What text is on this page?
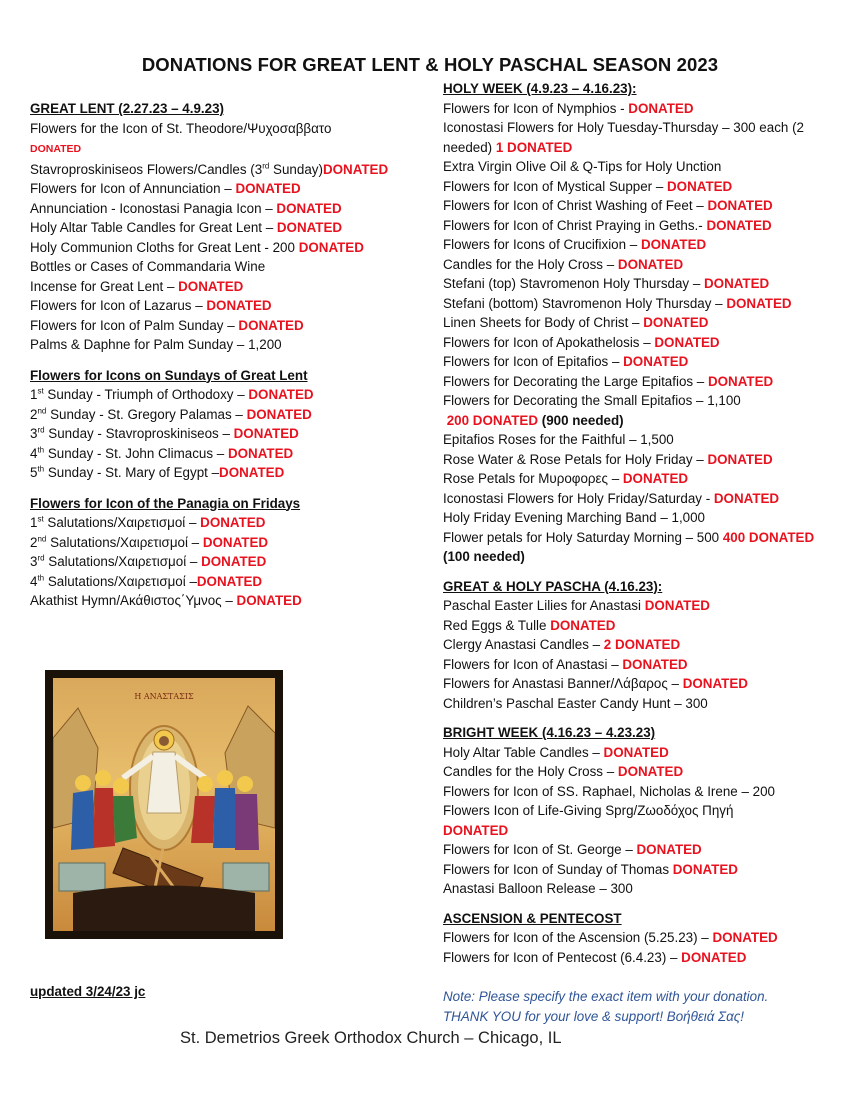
DONATIONS FOR GREAT LENT & HOLY PASCHAL SEASON 2023
GREAT LENT (2.27.23 – 4.9.23)
Flowers for the Icon of St. Theodore/Ψυχοσαββατο
DONATED
Stavroproskiniseos Flowers/Candles (3rd Sunday)DONATED
Flowers for Icon of Annunciation – DONATED
Annunciation - Iconostasi Panagia Icon – DONATED
Holy Altar Table Candles for Great Lent – DONATED
Holy Communion Cloths for Great Lent - 200 DONATED
Bottles or Cases of Commandaria Wine
Incense for Great Lent – DONATED
Flowers for Icon of Lazarus – DONATED
Flowers for Icon of Palm Sunday – DONATED
Palms & Daphne for Palm Sunday – 1,200
Flowers for Icons on Sundays of Great Lent
1st Sunday - Triumph of Orthodoxy – DONATED
2nd Sunday - St. Gregory Palamas – DONATED
3rd Sunday - Stavroproskiniseos – DONATED
4th Sunday - St. John Climacus – DONATED
5th Sunday - St. Mary of Egypt –DONATED
Flowers for Icon of the Panagia on Fridays
1st Salutations/Χαιρετισμοί – DONATED
2nd Salutations/Χαιρετισμοί – DONATED
3rd Salutations/Χαιρετισμοί – DONATED
4th Salutations/Χαιρετισμοί –DONATED
Akathist Hymn/Ακάθιστος΄Υμνος – DONATED
Η ΑΝΑΣΤΑΣΙΣ
HOLY WEEK (4.9.23 – 4.16.23):
Flowers for Icon of Nymphios - DONATED
Iconostasi Flowers for Holy Tuesday-Thursday – 300 each (2 needed) 1 DONATED
Extra Virgin Olive Oil & Q-Tips for Holy Unction
Flowers for Icon of Mystical Supper – DONATED
Flowers for Icon of Christ Washing of Feet – DONATED
Flowers for Icon of Christ Praying in Geths.- DONATED
Flowers for Icons of Crucifixion – DONATED
Candles for the Holy Cross – DONATED
Stefani (top) Stavromenon Holy Thursday – DONATED
Stefani (bottom) Stavromenon Holy Thursday – DONATED
Linen Sheets for Body of Christ – DONATED
Flowers for Icon of Apokathelosis – DONATED
Flowers for Icon of Epitafios – DONATED
Flowers for Decorating the Large Epitafios – DONATED
Flowers for Decorating the Small Epitafios – 1,100
200 DONATED (900 needed)
Epitafios Roses for the Faithful – 1,500
Rose Water & Rose Petals for Holy Friday – DONATED
Rose Petals for Μυροφορες – DONATED
Iconostasi Flowers for Holy Friday/Saturday - DONATED
Holy Friday Evening Marching Band – 1,000
Flower petals for Holy Saturday Morning – 500 400 DONATED (100 needed)
GREAT & HOLY PASCHA (4.16.23):
Paschal Easter Lilies for Anastasi DONATED
Red Eggs & Tulle DONATED
Clergy Anastasi Candles – 2 DONATED
Flowers for Icon of Anastasi – DONATED
Flowers for Anastasi Banner/Λάβαρος – DONATED
Children’s Paschal Easter Candy Hunt – 300
BRIGHT WEEK (4.16.23 – 4.23.23)
Holy Altar Table Candles – DONATED
Candles for the Holy Cross – DONATED
Flowers for Icon of SS. Raphael, Nicholas & Irene – 200
Flowers Icon of Life-Giving Sprg/Ζωοδόχος Πηγή
DONATED
Flowers for Icon of St. George – DONATED
Flowers for Icon of Sunday of Thomas DONATED
Anastasi Balloon Release – 300
ASCENSION & PENTECOST
Flowers for Icon of the Ascension (5.25.23) – DONATED
Flowers for Icon of Pentecost (6.4.23) – DONATED
updated 3/24/23 jc	Note: Please specify the exact item with your donation.
THANK YOU for your love & support! Βοήθειά Σας!
St. Demetrios Greek Orthodox Church – Chicago, IL
